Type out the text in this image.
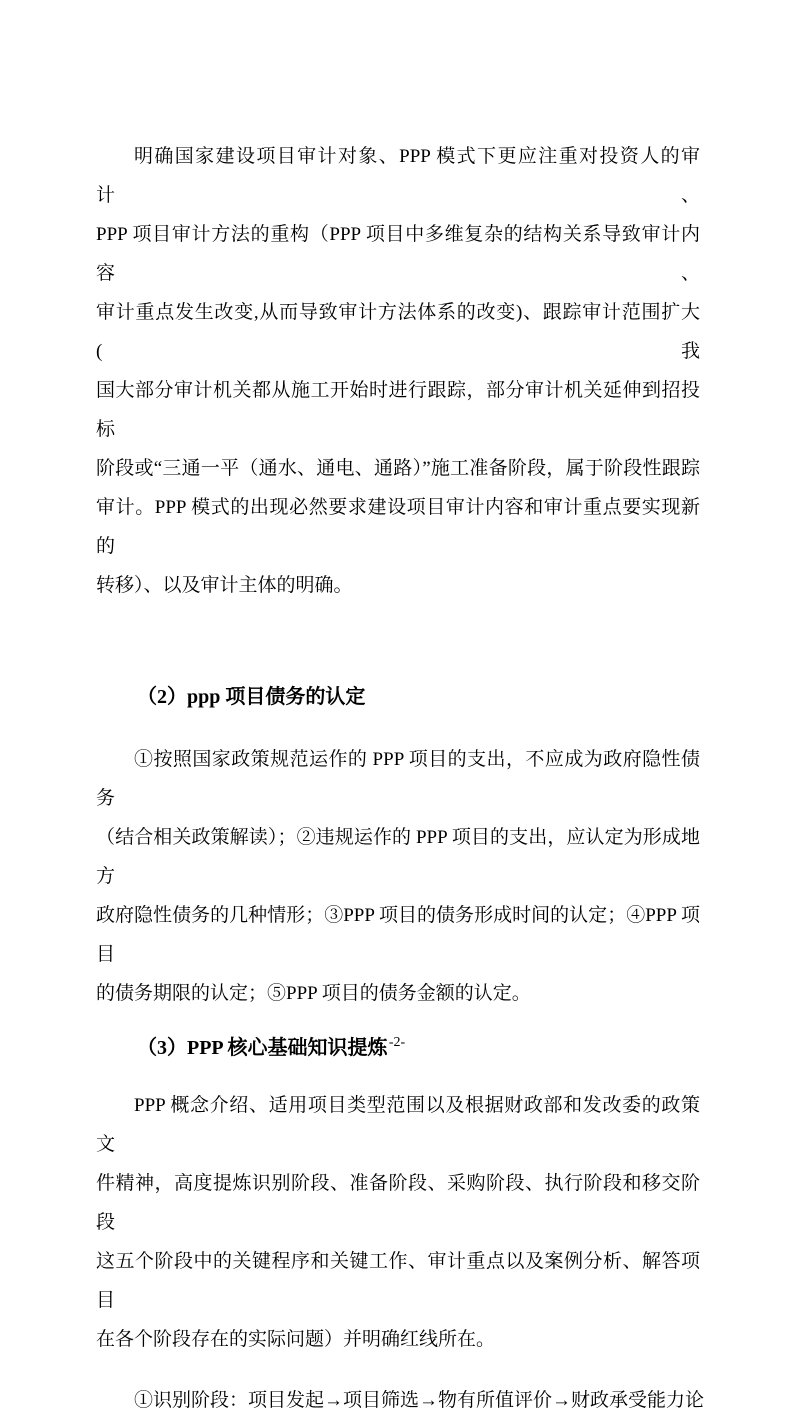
明确国家建设项目审计对象、PPP 模式下更应注重对投资人的审计、
PPP 项目审计方法的重构（PPP 项目中多维复杂的结构关系导致审计内容、
审计重点发生改变,从而导致审计方法体系的改变)、跟踪审计范围扩大(我
国大部分审计机关都从施工开始时进行跟踪，部分审计机关延伸到招投标
阶段或“三通一平（通水、通电、通路）”施工准备阶段，属于阶段性跟踪
审计。PPP 模式的出现必然要求建设项目审计内容和审计重点要实现新的
转移）、以及审计主体的明确。
（2）ppp 项目债务的认定
①按照国家政策规范运作的 PPP 项目的支出，不应成为政府隐性债务
（结合相关政策解读）；②违规运作的 PPP 项目的支出，应认定为形成地方
政府隐性债务的几种情形；③PPP 项目的债务形成时间的认定；④PPP 项目
的债务期限的认定；⑤PPP 项目的债务金额的认定。
（3）PPP 核心基础知识提炼
PPP 概念介绍、适用项目类型范围以及根据财政部和发改委的政策文
件精神，高度提炼识别阶段、准备阶段、采购阶段、执行阶段和移交阶段
这五个阶段中的关键程序和关键工作、审计重点以及案例分析、解答项目
在各个阶段存在的实际问题）并明确红线所在。
①识别阶段：项目发起→项目筛选→物有所值评价→财政承受能力论
-2-
